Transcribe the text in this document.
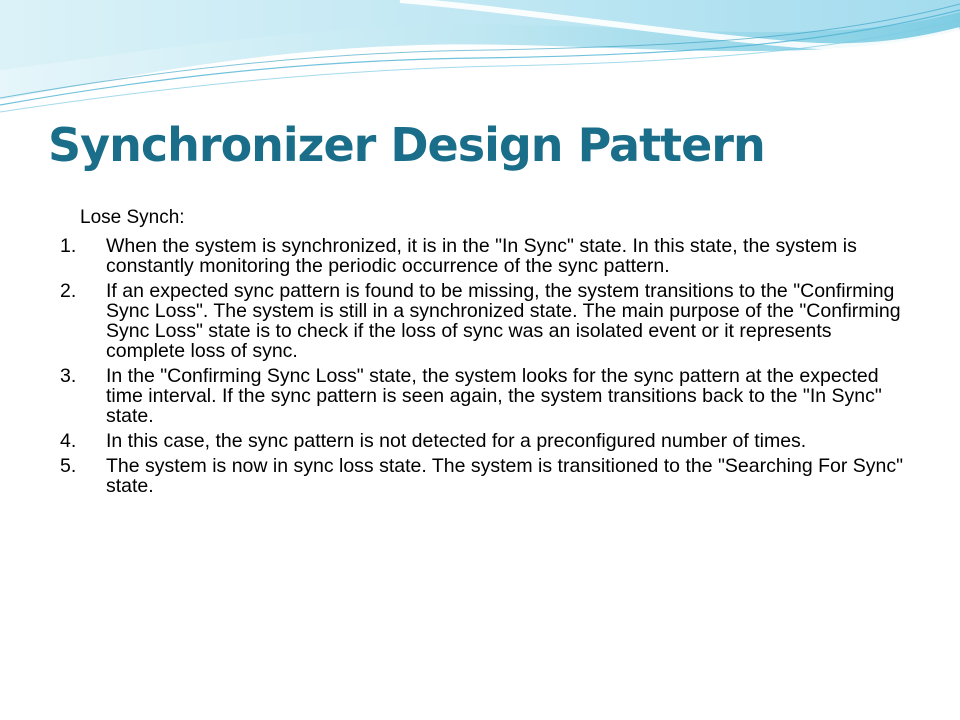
Synchronizer Design Pattern
Lose Synch:
1. When the system is synchronized, it is in the "In Sync" state. In this state, the system is constantly monitoring the periodic occurrence of the sync pattern.
2. If an expected sync pattern is found to be missing, the system transitions to the "Confirming Sync Loss". The system is still in a synchronized state. The main purpose of the "Confirming Sync Loss" state is to check if the loss of sync was an isolated event or it represents complete loss of sync.
3. In the "Confirming Sync Loss" state, the system looks for the sync pattern at the expected time interval. If the sync pattern is seen again, the system transitions back to the "In Sync" state.
4. In this case, the sync pattern is not detected for a preconfigured number of times.
5. The system is now in sync loss state. The system is transitioned to the "Searching For Sync" state.
